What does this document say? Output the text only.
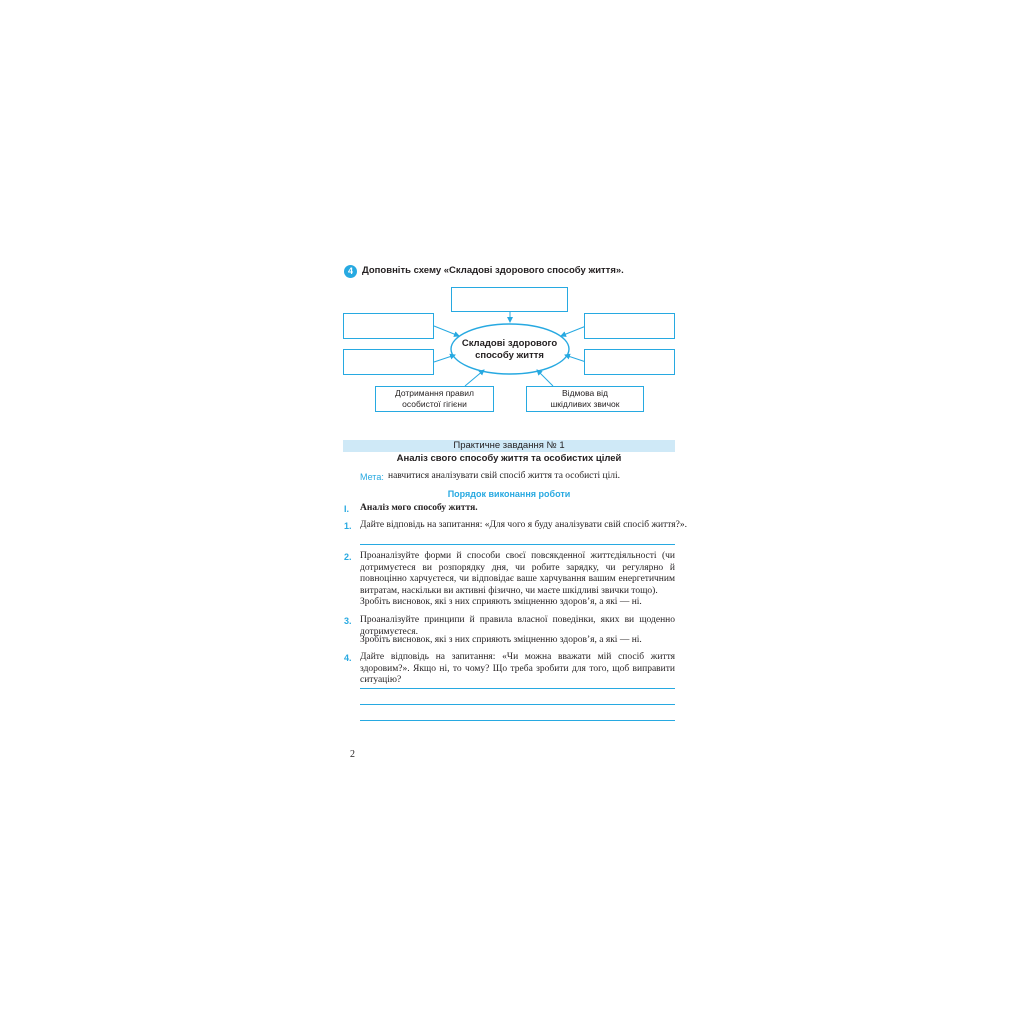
4 Доповніть схему «Складові здорового способу життя».
Дотримання правил особистої гігієни
Відмова від шкідливих звичок
Складові здорового способу життя
Практичне завдання № 1
Аналіз свого способу життя та особистих цілей
Мета: навчитися аналізувати свій спосіб життя та особисті цілі.
Порядок виконання роботи
I. Аналіз мого способу життя.
1. Дайте відповідь на запитання: «Для чого я буду аналізувати свій спосіб життя?».
2. Проаналізуйте форми й способи своєї повсякденної життєдіяльності (чи дотримуєтеся ви розпорядку дня, чи робите зарядку, чи регулярно й повноцінно харчуєтеся, чи відповідає ваше харчування вашим енергетичним витратам, наскільки ви активні фізично, чи маєте шкідливі звички тощо).
Зробіть висновок, які з них сприяють зміцненню здоров’я, а які — ні.
3. Проаналізуйте принципи й правила власної поведінки, яких ви щоденно дотримуєтеся.
Зробіть висновок, які з них сприяють зміцненню здоров’я, а які — ні.
4. Дайте відповідь на запитання: «Чи можна вважати мій спосіб життя здоровим?». Якщо ні, то чому? Що треба зробити для того, щоб виправити ситуацію?
2
